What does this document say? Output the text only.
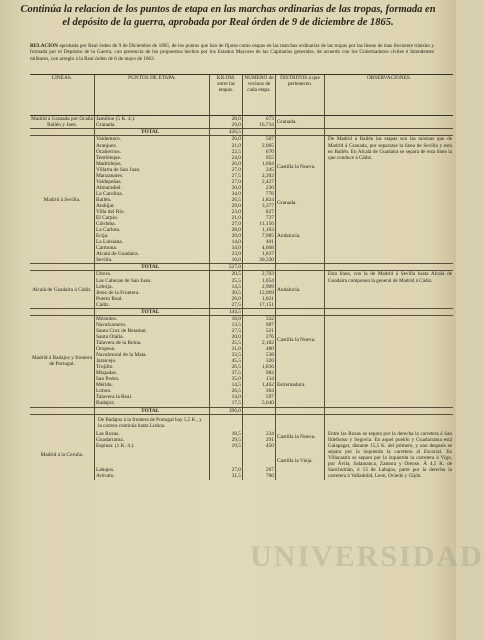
Continúa la relacion de los puntos de etapa en las marchas ordinarias de las tropas, formada en
el depósito de la guerra, aprobada por Real órden de 9 de diciembre de 1865.
RELACION aprobada por Real órden de 9 de Diciembre de 1865, de los puntos que han de fijarse como etapas en las marchas ordinarias de las tropas por las líneas de mas frecuente tránsito y formada por el Depósito de la Guerra, con presencia de los propuestos hechos por los Estados Mayores de las Capitanías generales, de acuerdo con los Gobernadores civiles é Intendentes militares, con arreglo á la Real órden de 6 de mayo de 1862.
LÍNEAS.	PUNTOS DE ETAPA.	KILÓM. entre las etapas.	NÚMERO de vecinos de cada etapa.	DISTRITOS á que pertenecen.	OBSERVACIONES.
Madrid á Granada por Ocaña Bailén y Jaen.	Jamilloe (5 K. 4.).	28,0	673	Granada.	
	Granada.	29,0	16,734		
	TOTAL	426,5			
Madrid á Sevilla.	Valdemoro.	26,0	507	Castilla la Nueva.	De Madrid á Bailén las etapas son las mismas que de Madrid á Granada, por separarse la línea de Sevilla y esta en Bailén. En Alcalá de Guadaira se separa de esta línea la que conduce á Cádiz.
	Aranjuez.	21,0	2,065		
	Ocañerrios.	22,5	670		
	Tembleque.	24,0	955		
	Madridejos.	26,0	1,664		
	Villarta de San Juan.	27,0	245		
	Manzanares.	27,5	2,392		
	Valdepeñas.	27,0	2,427		
	Almuradiel.	30,0	230		
	La Carolina.	34,0	776		
	Bailén.	26,5	1,824	Granada.	
	Andújar.	29,0	3,377		
	Villa del Río.	23,0	827	Andalucía.	
	El Carpio.	21,0	737		
	Córdoba.	27,0	11,156		
	La Carlota.	28,0	1,163		
	Ecija.	29,0	7,985		
	La Luisiana.	14,0	401		
	Carmona.	34,0	4,668		
	Alcalá de Guadaira.	23,0	1,837		
	Sevilla.	16,0	30,330		
	TOTAL	527,0			
Alcalá de Guadaira á Cádiz.	Utrera.	20,5	2,703	Andalucía.	Esta línea, con la de Madrid á Sevilla hasta Alcalá de Guadaira componen la general de Madrid á Cádiz.
	Las Cabezas de San Juan.	25,5	1,054		
	Lebrija.	14,5	2,909		
	Jerez de la Frontera.	30,5	12,069		
	Puerto Real.	26,0	1,821		
	Cádiz.	27,5	17,151		
	TOTAL	144,5			
Madrid á Badajoz y frontera de Portugal.	Móstoles.	18,0	332	Castilla la Nueva.	
	Navalcarnero.	13,5	907		
	Santa Cruz de Retamar.	27,5	521		
	Santa Olalla.	20,0	276		
	Talavera de la Reina.	35,5	2,182		
	Oropesa.	31,0	480		
	Navalmoral de la Mata.	33,5	538		
	Jaraicejo.	45,5	326		
	Trujillo.	26,5	1,836	Estremadura.	
	Miajadas.	37,5	982		
	San Pedro.	35,0	134		
	Mérida.	14,5	1,462		
	Lobon.	26,5	304		
	Talavera la Real.	14,0	597		
	Badajoz.	17,5	5,640		
	TOTAL	396,0			
	De Badajoz á la frontera de Portugal hay 5,5 K., y la carrera continúa hasta Lisboa.				
Madrid á la Coruña.	Las Rozas.	18,5	234	Castilla la Nueva.	Entre las Rozas se separa por la derecha la carretera á San Ildefonso y Segovia. En aquel pueblo y Guadarrama está Galapagar, distante 15,5 K. del primero, y uno después se separa por la izquierda la carretera al Escorial. En Villacastín se separa por la izquierda la carretera á Vigo, por Ávila, Salamanca, Zamora y Orense. Á 4,5 K. de Sanchidrián, ó 13 de Labajos, parte por la derecha la carretera á Valladolid, Leon, Oviedo y Gijón.
	Guadarrama.	29,5	291		
	Espinar. (1 K. 4.).	19,5	450	Castilla la Vieja.	
	Labajos.	27,0	267		
	Arévalo.	31,5	766		
UNIVERSIDAD
